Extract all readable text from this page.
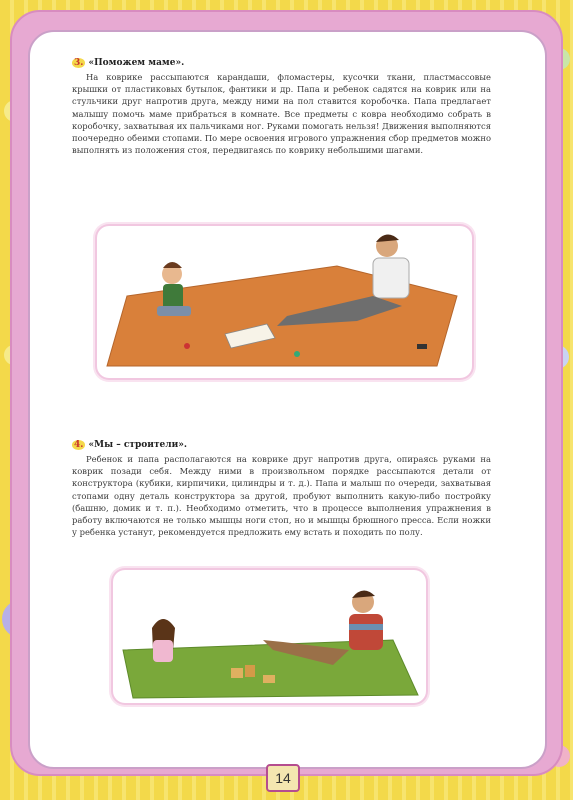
3. «Поможем маме».

На коврике рассыпаются карандаши, фломастеры, кусочки ткани, пластмассовые крышки от пластиковых бутылок, фантики и др. Папа и ребенок садятся на коврик или на стульчики друг напротив друга, между ними на пол ставится коробочка. Папа предлагает малышу помочь маме прибраться в комнате. Все предметы с ковра необходимо собрать в коробочку, захватывая их пальчиками ног. Руками помогать нельзя! Движения выполняются поочередно обеими стопами. По мере освоения игрового упражнения сбор предметов можно выполнять из положения стоя, передвигаясь по коврику небольшими шагами.

4. «Мы – строители».

Ребенок и папа располагаются на коврике друг напротив друга, опираясь руками на коврик позади себя. Между ними в произвольном порядке рассыпаются детали от конструктора (кубики, кирпичики, цилиндры и т. д.). Папа и малыш по очереди, захватывая стопами одну деталь конструктора за другой, пробуют выполнить какую-либо постройку (башню, домик и т. п.). Необходимо отметить, что в процессе выполнения упражнения в работу включаются не только мышцы ноги стоп, но и мышцы брюшного пресса. Если ножки у ребенка устанут, рекомендуется предложить ему встать и походить по полу.

14
